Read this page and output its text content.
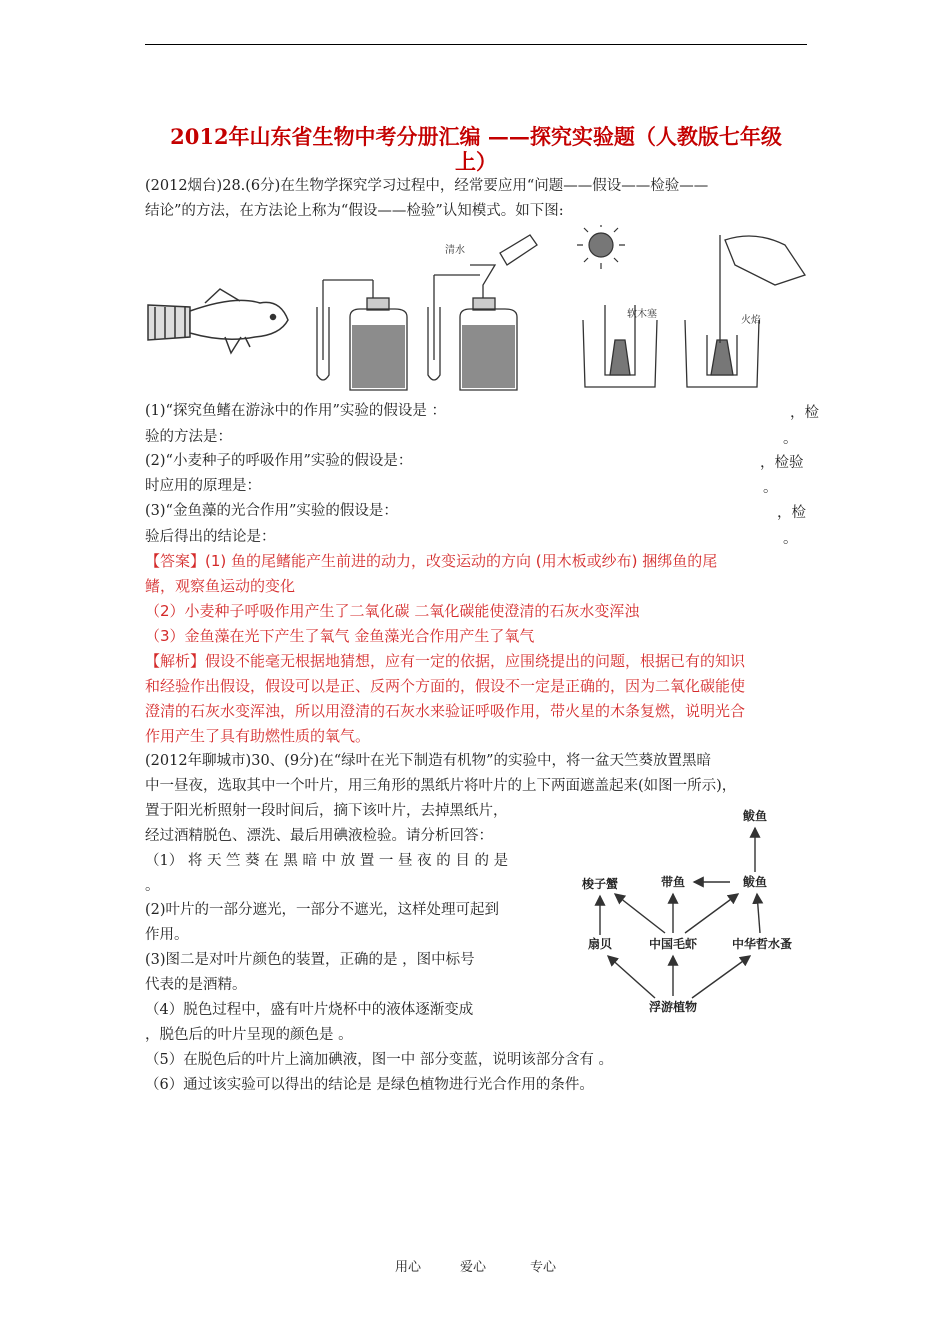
2012年山东省生物中考分册汇编 ——探究实验题（人教版七年级
上）
(2012烟台)28.(6分)在生物学探究学习过程中，经常要应用“问题——假设——检验——
结论”的方法，在方法论上称为“假设——检验”认知模式。如下图:
清水
软木塞
火焰
(1)“探究鱼鳍在游泳中的作用”实验的假设是 ：	，检
验的方法是：	。
(2)“小麦种子的呼吸作用”实验的假设是：	，检验
时应用的原理是：	。
(3)“金鱼藻的光合作用”实验的假设是：	，检
验后得出的结论是：	。
【答案】(1) 鱼的尾鳍能产生前进的动力，改变运动的方向 (用木板或纱布) 捆绑鱼的尾
鳍，观察鱼运动的变化
（2）小麦种子呼吸作用产生了二氧化碳 二氧化碳能使澄清的石灰水变浑浊
（3）金鱼藻在光下产生了氧气 金鱼藻光合作用产生了氧气
【解析】假设不能毫无根据地猜想，应有一定的依据，应围绕提出的问题，根据已有的知识
和经验作出假设，假设可以是正、反两个方面的，假设不一定是正确的，因为二氧化碳能使
澄清的石灰水变浑浊，所以用澄清的石灰水来验证呼吸作用，带火星的木条复燃，说明光合
作用产生了具有助燃性质的氧气。
(2012年聊城市)30、(9分)在“绿叶在光下制造有机物”的实验中，将一盆天竺葵放置黑暗
中一昼夜，选取其中一个叶片，用三角形的黑纸片将叶片的上下两面遮盖起来(如图一所示)，
置于阳光析照射一段时间后，摘下该叶片，去掉黑纸片，
经过酒精脱色、漂洗、最后用碘液检验。请分析回答：
（1） 将 天 竺 葵 在 黑 暗 中 放 置 一 昼 夜 的 目 的 是
。
(2)叶片的一部分遮光，一部分不遮光，这样处理可起到
作用。
(3)图二是对叶片颜色的装置，正确的是 ，图中标号
代表的是酒精。
（4）脱色过程中，盛有叶片烧杯中的液体逐渐变成
，脱色后的叶片呈现的颜色是 。
（5）在脱色后的叶片上滴加碘液，图一中 部分变蓝，说明该部分含有 。
（6）通过该实验可以得出的结论是 是绿色植物进行光合作用的条件。
鲅鱼
梭子蟹	带鱼	鲅鱼
扇贝	中国毛虾	中华哲水蚤
浮游植物
用心	爱心	专心
